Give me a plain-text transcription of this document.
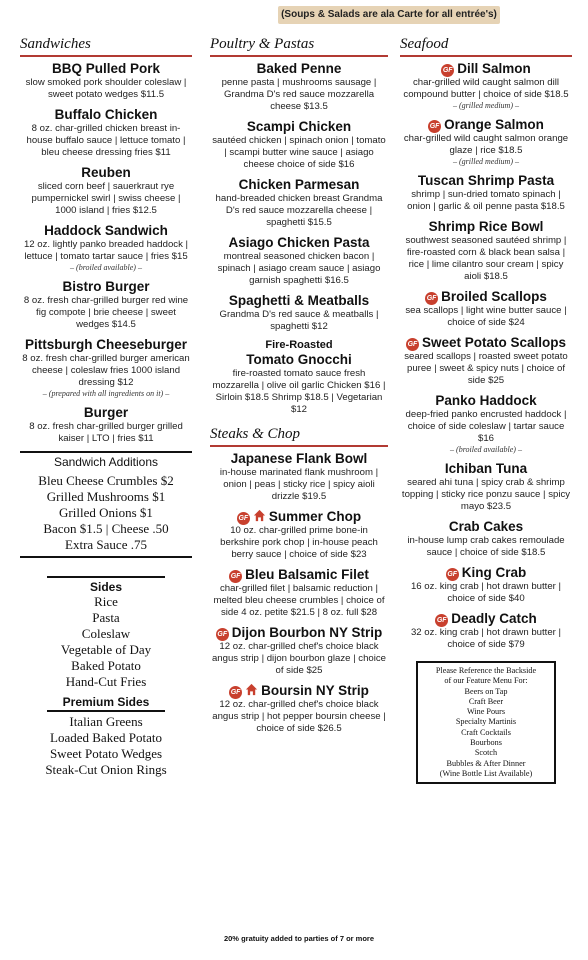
(Soups & Salads are ala Carte for all entrée's)
Sandwiches
BBQ Pulled Pork
slow smoked pork shoulder coleslaw | sweet potato wedges $11.5
Buffalo Chicken
8 oz. char-grilled chicken breast in-house buffalo sauce | lettuce tomato | bleu cheese dressing fries $11
Reuben
sliced corn beef | sauerkraut rye pumpernickel swirl | swiss cheese | 1000 island | fries $12.5
Haddock Sandwich
12 oz. lightly panko breaded haddock | lettuce | tomato tartar sauce | fries $15
– (broiled available) –
Bistro Burger
8 oz. fresh char-grilled burger red wine fig compote | brie cheese | sweet wedges $14.5
Pittsburgh Cheeseburger
8 oz. fresh char-grilled burger american cheese | coleslaw fries 1000 island dressing $12
– (prepared with all ingredients on it) –
Burger
8 oz. fresh char-grilled burger grilled kaiser | LTO | fries $11
Sandwich Additions
Bleu Cheese Crumbles $2
Grilled Mushrooms $1
Grilled Onions $1
Bacon $1.5 | Cheese .50
Extra Sauce .75
Sides
Rice
Pasta
Coleslaw
Vegetable of Day
Baked Potato
Hand-Cut Fries
Premium Sides
Italian Greens
Loaded Baked Potato
Sweet Potato Wedges
Steak-Cut Onion Rings
Poultry & Pastas
Baked Penne
penne pasta | mushrooms sausage | Grandma D's red sauce mozzarella cheese $13.5
Scampi Chicken
sautéed chicken | spinach onion | tomato | scampi butter wine sauce | asiago cheese choice of side $16
Chicken Parmesan
hand-breaded chicken breast Grandma D's red sauce mozzarella cheese | spaghetti $15.5
Asiago Chicken Pasta
montreal seasoned chicken bacon | spinach | asiago cream sauce | asiago garnish spaghetti $16.5
Spaghetti & Meatballs
Grandma D's red sauce & meatballs | spaghetti $12
Fire-Roasted
Tomato Gnocchi
fire-roasted tomato sauce fresh mozzarella | olive oil garlic Chicken $16 | Sirloin $18.5 Shrimp $18.5 | Vegetarian $12
Steaks & Chop
Japanese Flank Bowl
in-house marinated flank mushroom | onion | peas | sticky rice | spicy aioli drizzle $19.5
GF Summer Chop
10 oz. char-grilled prime bone-in berkshire pork chop | in-house peach berry sauce | choice of side $23
GF Bleu Balsamic Filet
char-grilled filet | balsamic reduction | melted bleu cheese crumbles | choice of side 4 oz. petite $21.5 | 8 oz. full $28
GF Dijon Bourbon NY Strip
12 oz. char-grilled chef's choice black angus strip | dijon bourbon glaze | choice of side $25
GF Boursin NY Strip
12 oz. char-grilled chef's choice black angus strip | hot pepper boursin cheese | choice of side $26.5
Seafood
GF Dill Salmon
char-grilled wild caught salmon dill compound butter | choice of side $18.5
– (grilled medium) –
GF Orange Salmon
char-grilled wild caught salmon orange glaze | rice $18.5
– (grilled medium) –
Tuscan Shrimp Pasta
shrimp | sun-dried tomato spinach | onion | garlic & oil penne pasta $18.5
Shrimp Rice Bowl
southwest seasoned sautéed shrimp | fire-roasted corn & black bean salsa | rice | lime cilantro sour cream | spicy aioli $18.5
GF Broiled Scallops
sea scallops | light wine butter sauce | choice of side $24
GF Sweet Potato Scallops
seared scallops | roasted sweet potato puree | sweet & spicy nuts | choice of side $25
Panko Haddock
deep-fried panko encrusted haddock | choice of side coleslaw | tartar sauce $16
– (broiled available) –
Ichiban Tuna
seared ahi tuna | spicy crab & shrimp topping | sticky rice ponzu sauce | spicy mayo $23.5
Crab Cakes
in-house lump crab cakes remoulade sauce | choice of side $18.5
GF King Crab
16 oz. king crab | hot drawn butter | choice of side $40
GF Deadly Catch
32 oz. king crab | hot drawn butter | choice of side $79
Please Reference the Backside
of our Feature Menu For:
Beers on Tap
Craft Beer
Wine Pours
Specialty Martinis
Craft Cocktails
Bourbons
Scotch
Bubbles & After Dinner
(Wine Bottle List Available)
20% gratuity added to parties of 7 or more
